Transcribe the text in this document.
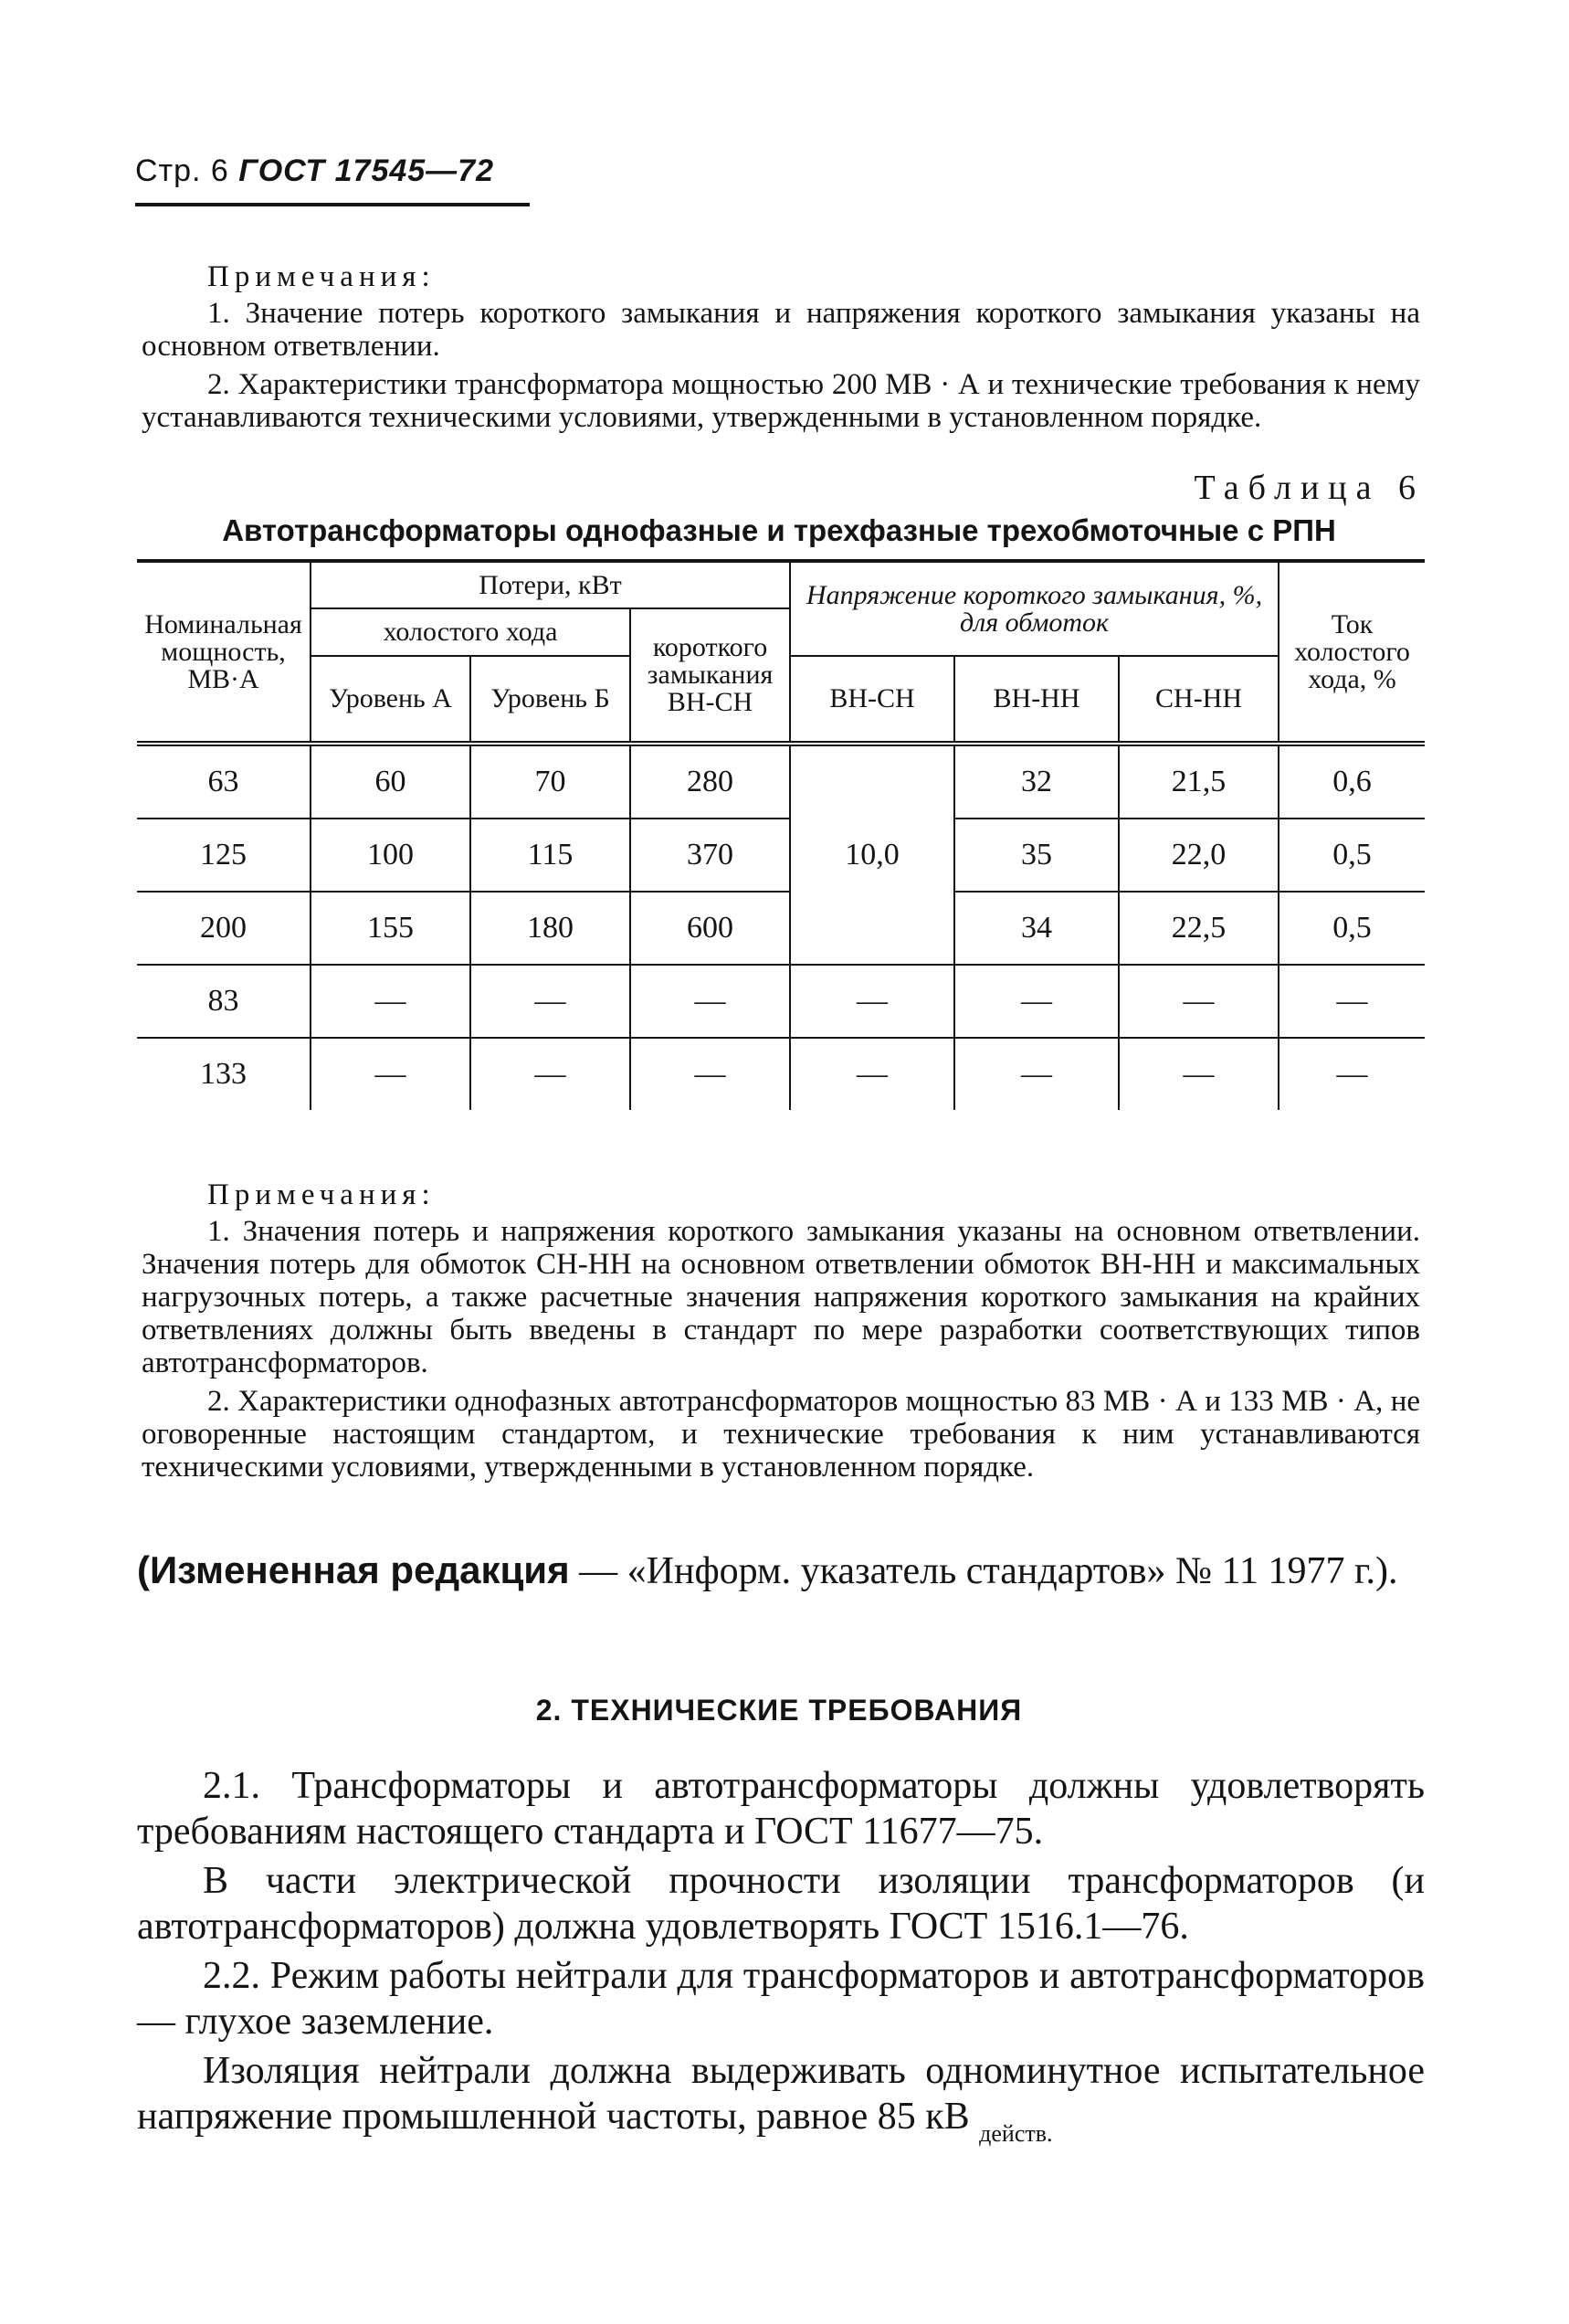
Стр. 6 ГОСТ 17545—72
Примечания:

1. Значение потерь короткого замыкания и напряжения короткого замыкания указаны на основном ответвлении.

2. Характеристики трансформатора мощностью 200 МВ · А и технические требования к нему устанавливаются техническими условиями, утвержденными в установленном порядке.

Таблица 6
Автотрансформаторы однофазные и трехфазные трехобмоточные с РПН
Номинальная мощность, МВ·А	Потери, кВт			Напряжение короткого замыкания, %, для обмоток			Ток холостого хода, %
	холостого хода		короткого замыкания ВН-СН				
	Уровень А	Уровень Б		ВН-СН	ВН-НН	СН-НН	
63	60	70	280	10,0	32	21,5	0,6
125	100	115	370		35	22,0	0,5
200	155	180	600		34	22,5	0,5
83	—	—	—	—	—	—	—
133	—	—	—	—	—	—	—
Примечания:

1. Значения потерь и напряжения короткого замыкания указаны на основном ответвлении. Значения потерь для обмоток СН-НН на основном ответвлении обмоток ВН-НН и максимальных нагрузочных потерь, а также расчетные значения напряжения короткого замыкания на крайних ответвлениях должны быть введены в стандарт по мере разработки соответствующих типов автотрансформаторов.

2. Характеристики однофазных автотрансформаторов мощностью 83 МВ · А и 133 МВ · А, не оговоренные настоящим стандартом, и технические требования к ним устанавливаются техническими условиями, утвержденными в установленном порядке.

(Измененная редакция — «Информ. указатель стандартов» № 11 1977 г.).
2. ТЕХНИЧЕСКИЕ ТРЕБОВАНИЯ

2.1. Трансформаторы и автотрансформаторы должны удовлетворять требованиям настоящего стандарта и ГОСТ 11677—75.

В части электрической прочности изоляции трансформаторов (и автотрансформаторов) должна удовлетворять ГОСТ 1516.1—76.

2.2. Режим работы нейтрали для трансформаторов и автотрансформаторов— глухое заземление.

Изоляция нейтрали должна выдерживать одноминутное испытательное напряжение промышленной частоты, равное 85 кВ $_{действ.}$
